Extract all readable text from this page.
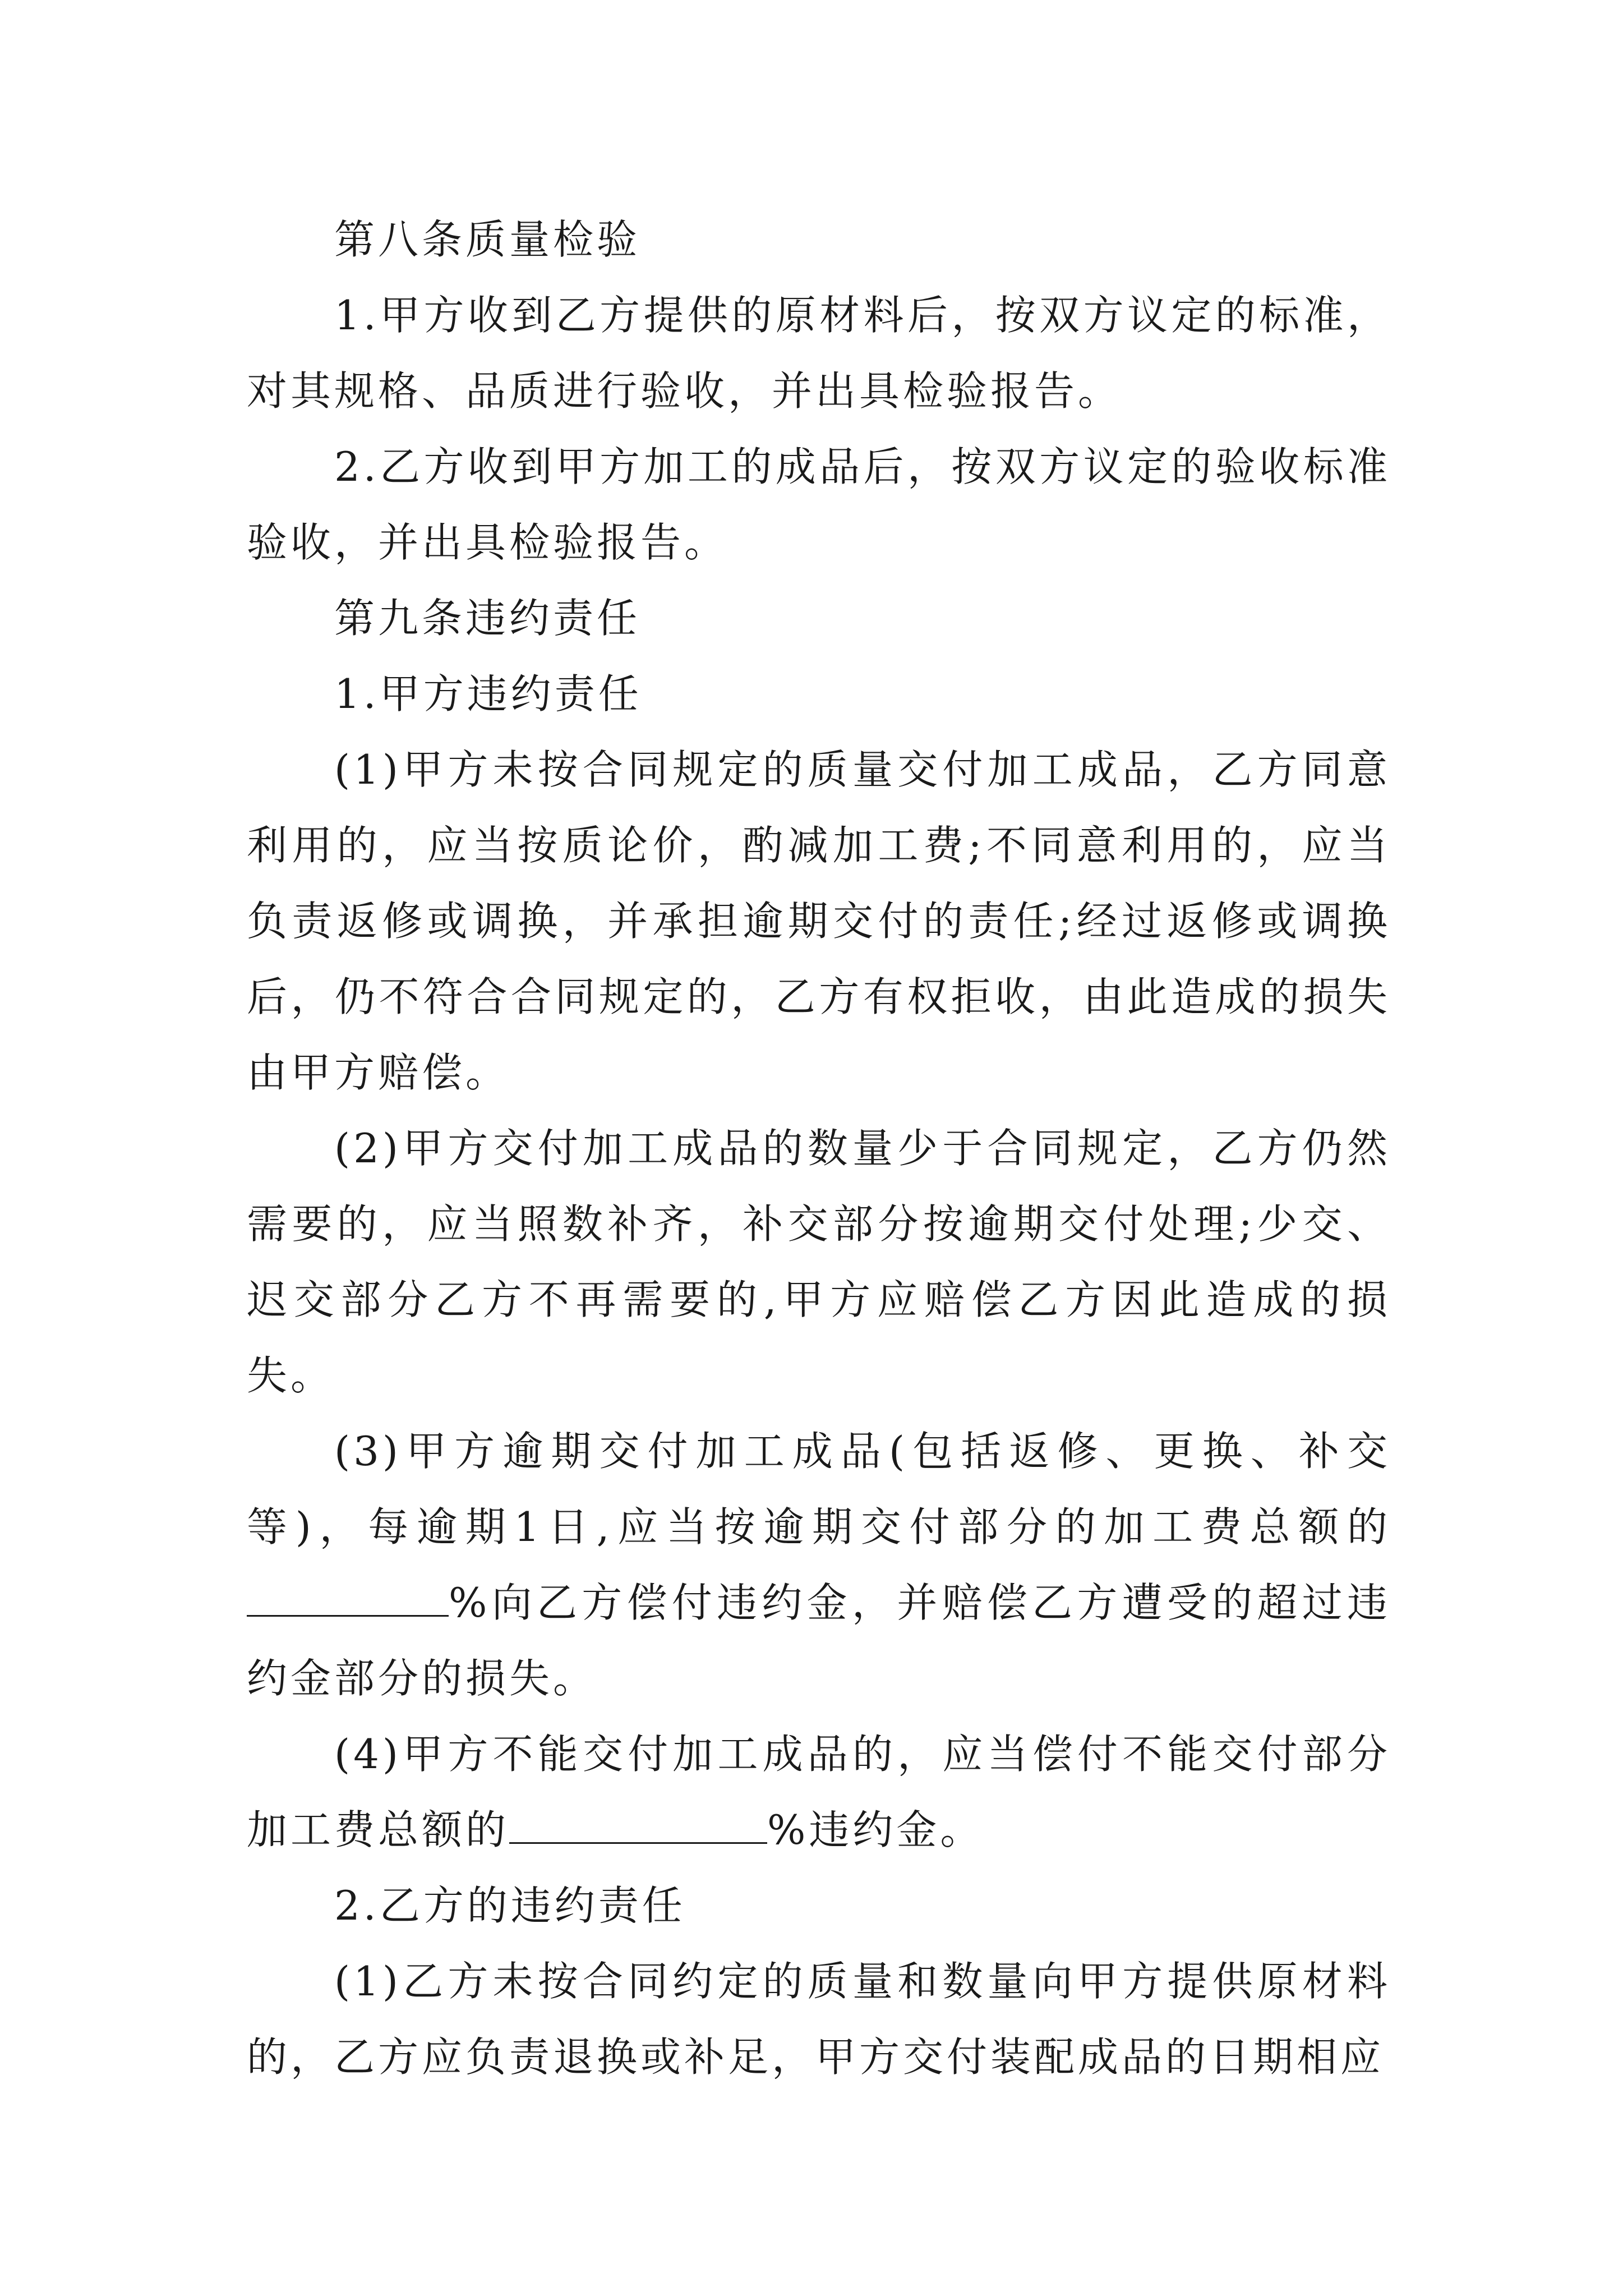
第八条质量检验

1.甲方收到乙方提供的原材料后，按双方议定的标准，对其规格、品质进行验收，并出具检验报告。

2.乙方收到甲方加工的成品后，按双方议定的验收标准验收，并出具检验报告。

第九条违约责任

1.甲方违约责任

(1)甲方未按合同规定的质量交付加工成品，乙方同意利用的，应当按质论价，酌减加工费;不同意利用的，应当负责返修或调换，并承担逾期交付的责任;经过返修或调换后，仍不符合合同规定的，乙方有权拒收，由此造成的损失由甲方赔偿。

(2)甲方交付加工成品的数量少于合同规定，乙方仍然需要的，应当照数补齐，补交部分按逾期交付处理;少交、迟交部分乙方不再需要的,甲方应赔偿乙方因此造成的损失。

(3)甲方逾期交付加工成品(包括返修、更换、补交等)，每逾期1日,应当按逾期交付部分的加工费总额的%向乙方偿付违约金，并赔偿乙方遭受的超过违约金部分的损失。

(4)甲方不能交付加工成品的，应当偿付不能交付部分加工费总额的	%违约金。

2.乙方的违约责任

(1)乙方未按合同约定的质量和数量向甲方提供原材料的，乙方应负责退换或补足，甲方交付装配成品的日期相应
